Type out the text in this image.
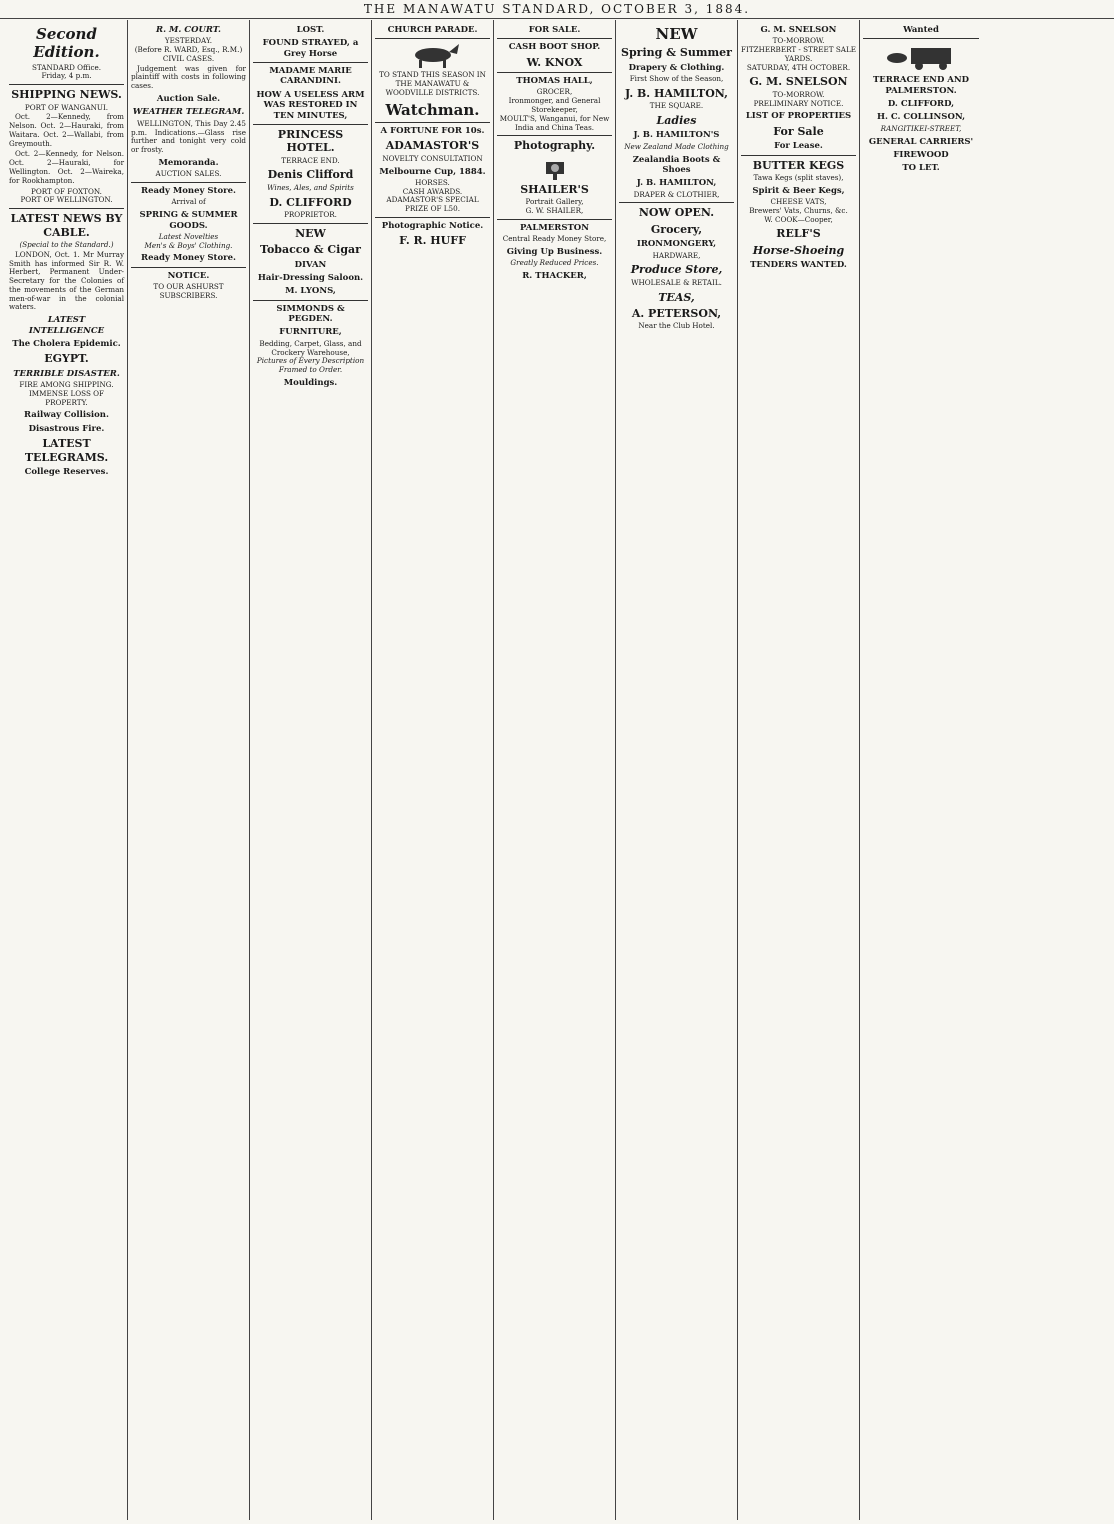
THE MANAWATU STANDARD, OCTOBER 3, 1884.
Second Edition.
STANDARD Office.
Friday, 4 p.m.
SHIPPING NEWS.
PORT OF WANGANUI.

Oct. 2—Kennedy, from Nelson. Oct. 2—Hauraki, from Waitara. Oct. 2—Wallabi, from Greymouth.

Oct. 2—Kennedy, for Nelson. Oct. 2—Hauraki, for Wellington. Oct. 2—Waireka, for Rookhampton.

PORT OF FOXTON.
PORT OF WELLINGTON.
LATEST NEWS BY CABLE.
(Special to the Standard.)

LONDON, Oct. 1. Mr Murray Smith has informed Sir R. W. Herbert, Permanent Under-Secretary for the Colonies of the movements of the German men-of-war in the colonial waters.

LATEST INTELLIGENCE
The Cholera Epidemic.
EGYPT.
TERRIBLE DISASTER.
FIRE AMONG SHIPPING.
IMMENSE LOSS OF PROPERTY.
Railway Collision.
Disastrous Fire.
LATEST TELEGRAMS.
College Reserves.
R. M. COURT.
YESTERDAY.
(Before R. WARD, Esq., R.M.)
CIVIL CASES.

Judgement was given for plaintiff with costs in following cases.

Auction Sale.
WEATHER TELEGRAM.

WELLINGTON, This Day 2.45 p.m. Indications.—Glass rise further and tonight very cold or frosty.

Memoranda.
AUCTION SALES.
Ready Money Store.
Arrival of
SPRING & SUMMER GOODS.
Latest Novelties
Men's & Boys' Clothing.
Ready Money Store.
NOTICE.
TO OUR ASHURST SUBSCRIBERS.
LOST.
FOUND STRAYED, a Grey Horse
MADAME MARIE CARANDINI.
HOW A USELESS ARM WAS RESTORED IN TEN MINUTES,
PRINCESS HOTEL.
TERRACE END.
Denis Clifford
Wines, Ales, and Spirits
D. CLIFFORD
PROPRIETOR.
NEW
Tobacco & Cigar
DIVAN
Hair-Dressing Saloon.
M. LYONS,
SIMMONDS & PEGDEN.
FURNITURE,
Bedding, Carpet, Glass, and Crockery Warehouse,
Pictures of Every Description Framed to Order.
Mouldings.
CHURCH PARADE.
TO STAND THIS SEASON IN THE MANAWATU & WOODVILLE DISTRICTS.
Watchman.
A FORTUNE FOR 10s.
ADAMASTOR'S
NOVELTY CONSULTATION
Melbourne Cup, 1884.
HORSES.
CASH AWARDS.
ADAMASTOR'S SPECIAL PRIZE OF L50.
Photographic Notice.
F. R. HUFF
FOR SALE.
CASH BOOT SHOP.
W. KNOX
THOMAS HALL,
GROCER,
Ironmonger, and General Storekeeper,
MOULT'S, Wanganui, for New India and China Teas.
Photography.
SHAILER'S
Portrait Gallery,
G. W. SHAILER,
PALMERSTON
Central Ready Money Store,
Giving Up Business.
Greatly Reduced Prices.
R. THACKER,
NEW
Spring & Summer
Drapery & Clothing.
First Show of the Season,
J. B. HAMILTON,
THE SQUARE.
Ladies
J. B. HAMILTON'S
New Zealand Made Clothing
Zealandia Boots & Shoes
J. B. HAMILTON,
DRAPER & CLOTHIER,
NOW OPEN.
Grocery,
IRONMONGERY,
HARDWARE,
Produce Store,
WHOLESALE & RETAIL.
TEAS,
A. PETERSON,
Near the Club Hotel.
G. M. SNELSON
TO-MORROW.
FITZHERBERT - STREET SALE YARDS.
SATURDAY, 4TH OCTOBER.
G. M. SNELSON
TO-MORROW.
PRELIMINARY NOTICE.
LIST OF PROPERTIES
For Sale
For Lease.
BUTTER KEGS
Tawa Kegs (split staves),
Spirit & Beer Kegs,
CHEESE VATS,
Brewers' Vats, Churns, &c.
W. COOK—Cooper,
RELF'S
Horse-Shoeing
TENDERS WANTED.
Wanted
TERRACE END AND PALMERSTON.
D. CLIFFORD,
H. C. COLLINSON,
RANGITIKEI-STREET,
GENERAL CARRIERS'
FIREWOOD
TO LET.
